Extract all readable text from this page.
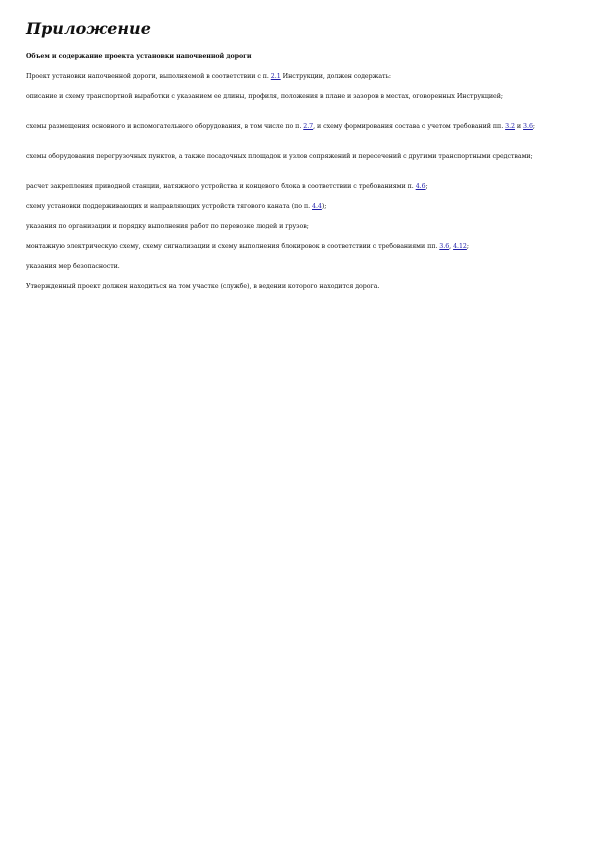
Приложение

Объем и содержание проекта установки напочвенной дороги

Проект установки напочвенной дороги, выполняемой в соответствии с п. 2.1 Инструкции, должен содержать:

описание и схему транспортной выработки с указанием ее длины, профиля, положения в плане и зазоров в местах, оговоренных Инструкцией;

схемы размещения основного и вспомогательного оборудования, в том числе по п. 2.7, и схему формирования состава с учетом требований пп. 3.2 и 3.6;

схемы оборудования перегрузочных пунктов, а также посадочных площадок и узлов сопряжений и пересечений с другими транспортными средствами;

расчет закрепления приводной станции, натяжного устройства и концевого блока в соответствии с требованиями п. 4.6;

схему установки поддерживающих и направляющих устройств тягового каната (по п. 4.4);

указания по организации и порядку выполнения работ по перевозке людей и грузов;

монтажную электрическую схему, схему сигнализации и схему выполнения блокировок в соответствии с требованиями пп. 3.6, 4.12;

указания мер безопасности.

Утвержденный проект должен находиться на том участке (службе), в ведении которого находится дорога.
